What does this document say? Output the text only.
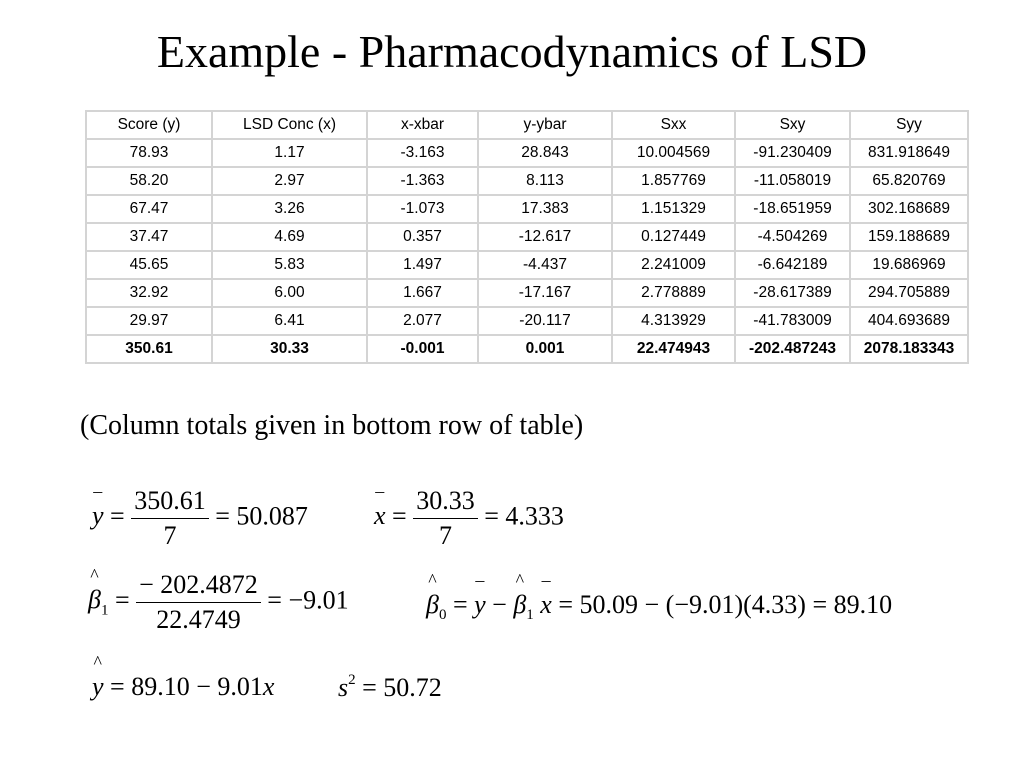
Example - Pharmacodynamics of LSD
Score (y)	LSD Conc (x)	x-xbar	y-ybar	Sxx	Sxy	Syy
78.93	1.17	-3.163	28.843	10.004569	-91.230409	831.918649
58.20	2.97	-1.363	8.113	1.857769	-11.058019	65.820769
67.47	3.26	-1.073	17.383	1.151329	-18.651959	302.168689
37.47	4.69	0.357	-12.617	0.127449	-4.504269	159.188689
45.65	5.83	1.497	-4.437	2.241009	-6.642189	19.686969
32.92	6.00	1.667	-17.167	2.778889	-28.617389	294.705889
29.97	6.41	2.077	-20.117	4.313929	-41.783009	404.693689
350.61	30.33	-0.001	0.001	22.474943	-202.487243	2078.183343
(Column totals given in bottom row of table)
–
$y = \frac{350.61}{7} = 50.087$
–
$x = \frac{30.33}{7} = 4.333$
^
$\beta_1 = \frac{- 202.4872}{22.4749} = -9.01$
^
$\beta_0$ =
–
y −
^
$\beta_1$
–
x = 50.09 − (−9.01)(4.33) = 89.10
^
y = 89.10 − 9.01x $s^2 = 50.72$
